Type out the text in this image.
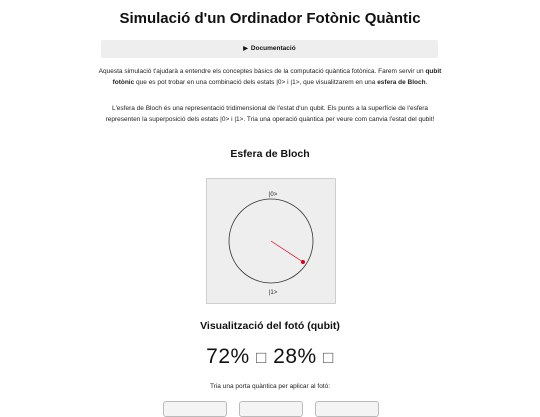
Simulació d'un Ordinador Fotònic Quàntic
▶ Documentació
Aquesta simulació t'ajudarà a entendre els conceptes bàsics de la computació quàntica fotònica. Farem servir un qubit fotònic que es pot trobar en una combinació dels estats |0> i |1>, que visualitzarem en una esfera de Bloch.
L'esfera de Bloch és una representació tridimensional de l'estat d'un qubit. Els punts a la superfície de l'esfera representen la superposició dels estats |0> i |1>. Tria una operació quàntica per veure com canvia l'estat del qubit!
Esfera de Bloch
|0>
|1>
Visualització del fotó (qubit)
72% □ 28% □
Tria una porta quàntica per aplicar al fotó:
